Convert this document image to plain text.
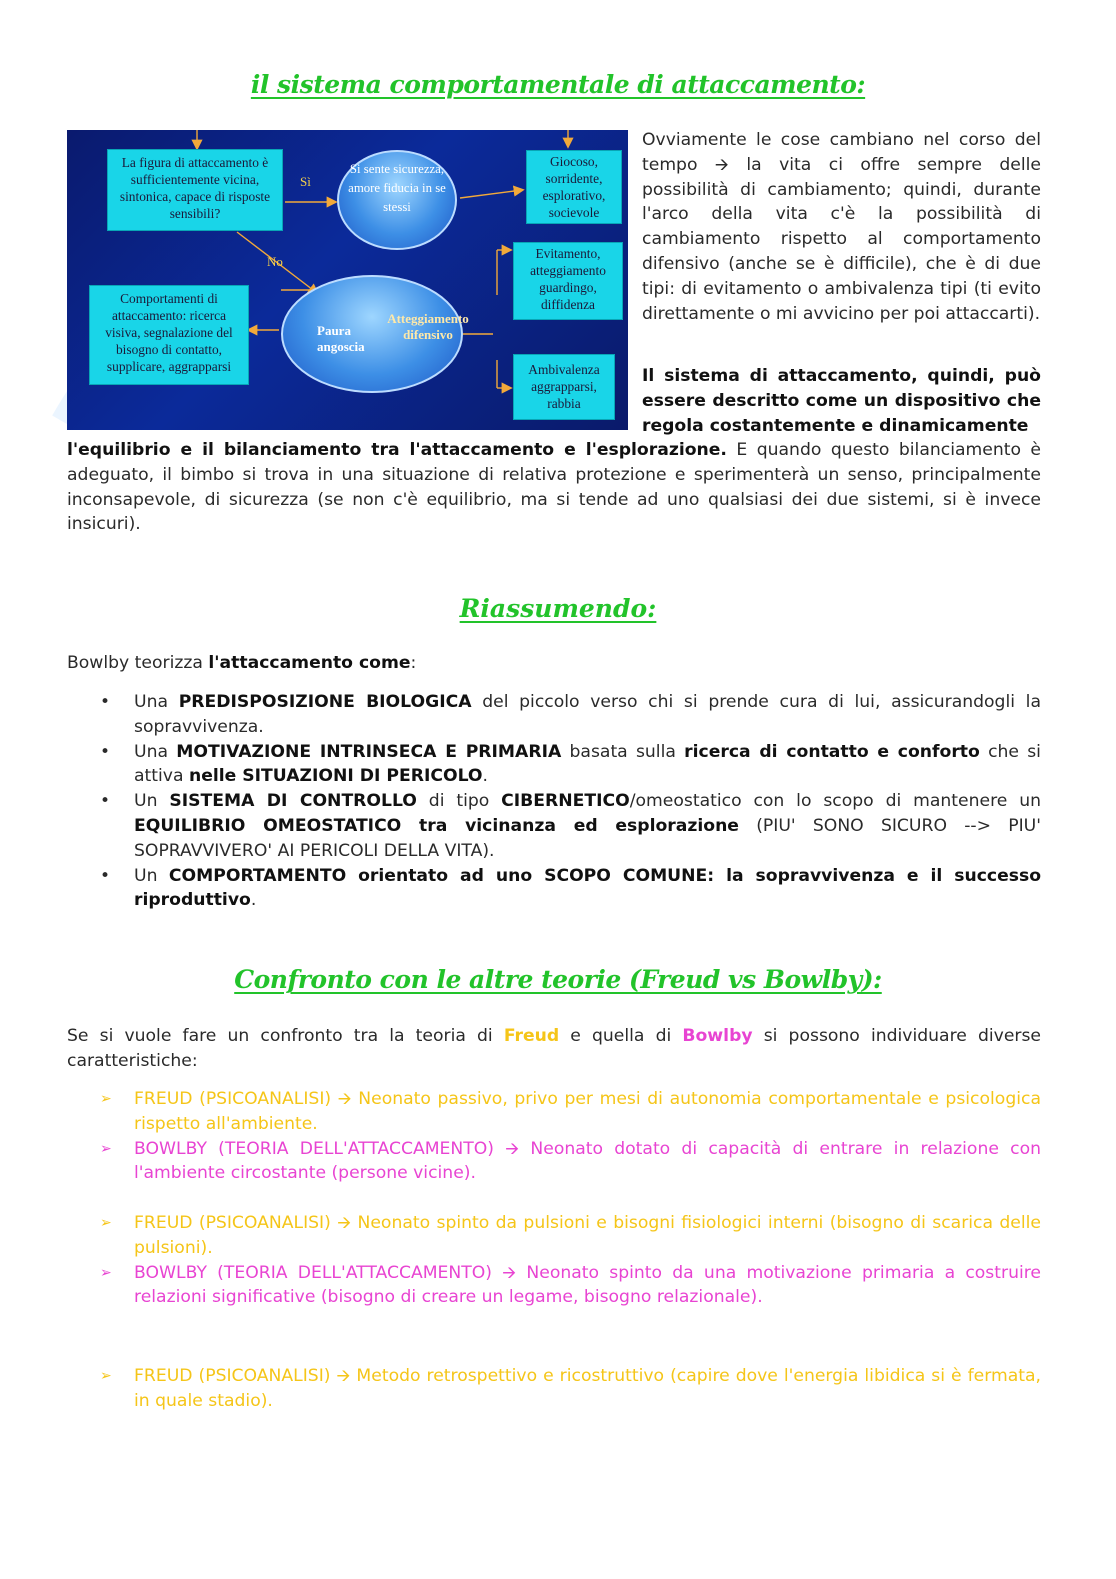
il sistema comportamentale di attaccamento:
La figura di attaccamento è sufficientemente vicina, sintonica, capace di risposte sensibili?
Sì
No
Si sente sicurezza, amore fiducia in se stessi
Giocoso, sorridente, esplorativo, socievole
Evitamento, atteggiamento guardingo, diffidenza
Comportamenti di attaccamento: ricerca visiva, segnalazione del bisogno di contatto, supplicare, aggrapparsi
Paura angoscia
Atteggiamento difensivo
Ambivalenza aggrapparsi, rabbia

Ovviamente le cose cambiano nel corso del tempo 🡪 la vita ci offre sempre delle possibilità di cambiamento; quindi, durante l'arco della vita c'è la possibilità di cambiamento rispetto al comportamento difensivo (anche se è difficile), che è di due tipi: di evitamento o ambivalenza tipi (ti evito direttamente o mi avvicino per poi attaccarti).

Il sistema di attaccamento, quindi, può essere descritto come un dispositivo che regola costantemente e dinamicamente

l'equilibrio e il bilanciamento tra l'attaccamento e l'esplorazione. E quando questo bilanciamento è adeguato, il bimbo si trova in una situazione di relativa protezione e sperimenterà un senso, principalmente inconsapevole, di sicurezza (se non c'è equilibrio, ma si tende ad uno qualsiasi dei due sistemi, si è invece insicuri).

Riassumendo:

Bowlby teorizza l'attaccamento come:

• Una PREDISPOSIZIONE BIOLOGICA del piccolo verso chi si prende cura di lui, assicurandogli la sopravvivenza.
• Una MOTIVAZIONE INTRINSECA E PRIMARIA basata sulla ricerca di contatto e conforto che si attiva nelle SITUAZIONI DI PERICOLO.
• Un SISTEMA DI CONTROLLO di tipo CIBERNETICO/omeostatico con lo scopo di mantenere un EQUILIBRIO OMEOSTATICO tra vicinanza ed esplorazione (PIU' SONO SICURO --> PIU' SOPRAVVIVERO' AI PERICOLI DELLA VITA).
• Un COMPORTAMENTO orientato ad uno SCOPO COMUNE: la sopravvivenza e il successo riproduttivo.
Confronto con le altre teorie (Freud vs Bowlby):

Se si vuole fare un confronto tra la teoria di Freud e quella di Bowlby si possono individuare diverse caratteristiche:

➢ FREUD (PSICOANALISI) 🡪 Neonato passivo, privo per mesi di autonomia comportamentale e psicologica rispetto all'ambiente.
➢ BOWLBY (TEORIA DELL'ATTACCAMENTO) 🡪 Neonato dotato di capacità di entrare in relazione con l'ambiente circostante (persone vicine).
➢ FREUD (PSICOANALISI) 🡪 Neonato spinto da pulsioni e bisogni fisiologici interni (bisogno di scarica delle pulsioni).
➢ BOWLBY (TEORIA DELL'ATTACCAMENTO) 🡪 Neonato spinto da una motivazione primaria a costruire relazioni significative (bisogno di creare un legame, bisogno relazionale).
➢ FREUD (PSICOANALISI) 🡪 Metodo retrospettivo e ricostruttivo (capire dove l'energia libidica si è fermata, in quale stadio).
